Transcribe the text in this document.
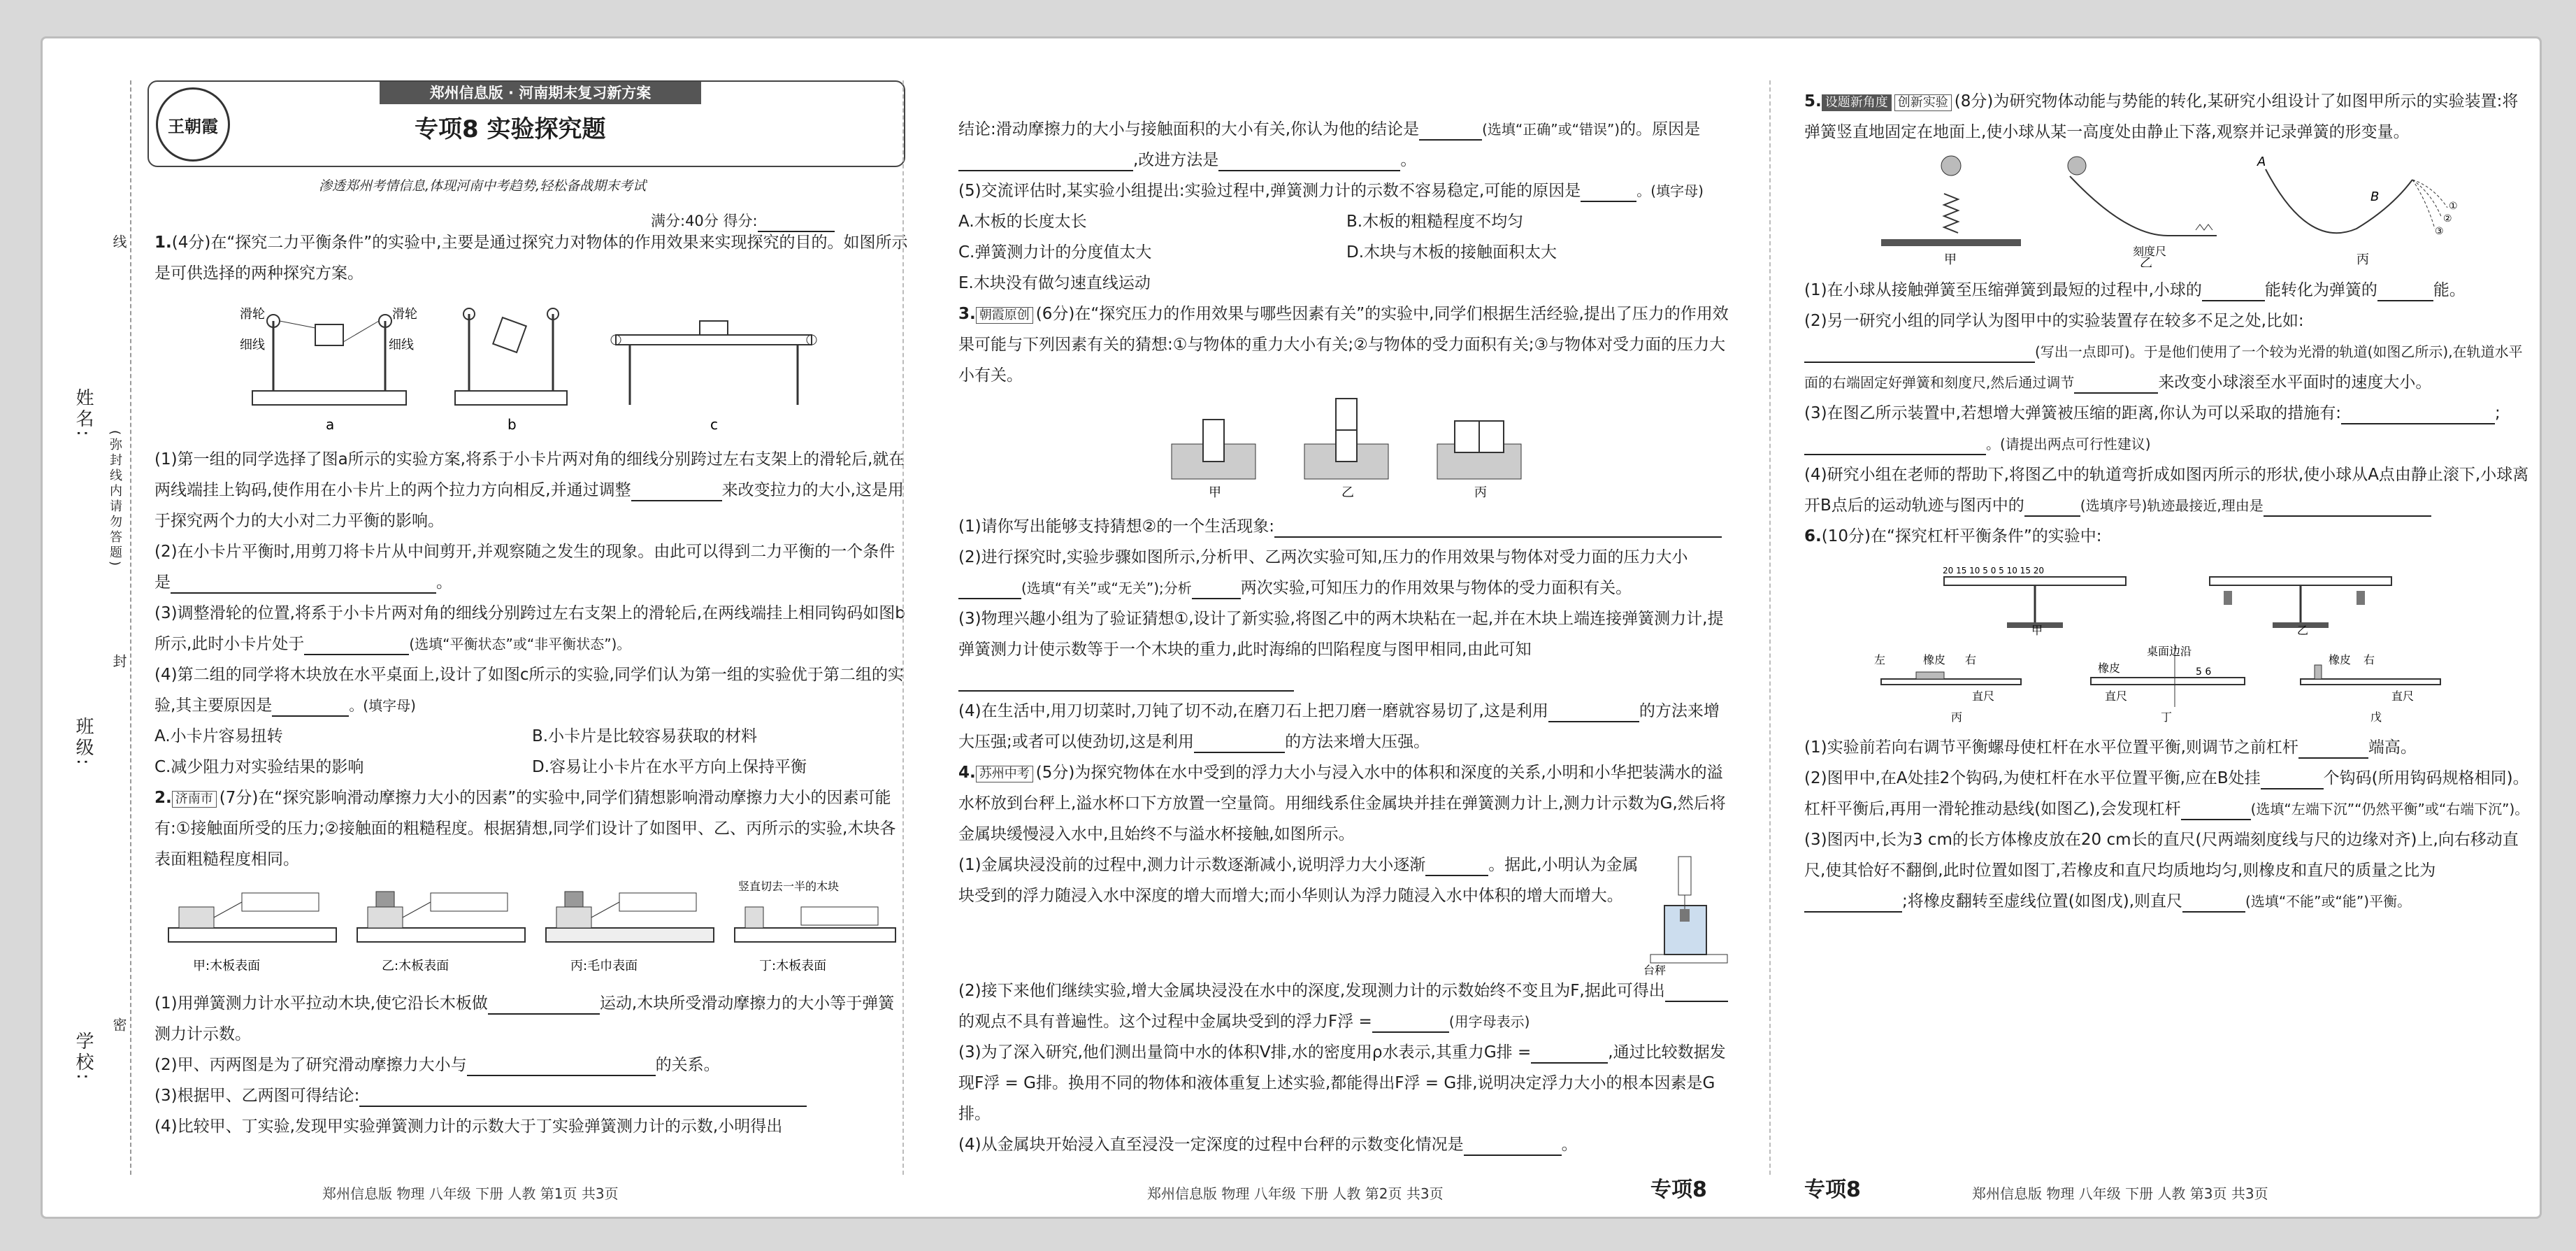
姓名:
班级:
学校:
(弥封线内请勿答题)
线
封
密
王朝霞
郑州信息版 · 河南期末复习新方案
专项8 实验探究题
渗透郑州考情信息,体现河南中考趋势,轻松备战期末考试
满分:40分 得分:

1.(4分)在“探究二力平衡条件”的实验中,主要是通过探究力对物体的作用效果来实现探究的目的。如图所示是可供选择的两种探究方案。

滑轮	滑轮
细线	细线
a	b	c

(1)第一组的同学选择了图a所示的实验方案,将系于小卡片两对角的细线分别跨过左右支架上的滑轮后,就在两线端挂上钩码,使作用在小卡片上的两个拉力方向相反,并通过调整	来改变拉力的大小,这是用于探究两个力的大小对二力平衡的影响。

(2)在小卡片平衡时,用剪刀将卡片从中间剪开,并观察随之发生的现象。由此可以得到二力平衡的一个条件是	。

(3)调整滑轮的位置,将系于小卡片两对角的细线分别跨过左右支架上的滑轮后,在两线端挂上相同钩码如图b所示,此时小卡片处于	(选填“平衡状态”或“非平衡状态”)。

(4)第二组的同学将木块放在水平桌面上,设计了如图c所示的实验,同学们认为第一组的实验优于第二组的实验,其主要原因是	。(填字母)

A.小卡片容易扭转	B.小卡片是比较容易获取的材料
C.减少阻力对实验结果的影响	D.容易让小卡片在水平方向上保持平衡

2. 济南市 (7分)在“探究影响滑动摩擦力大小的因素”的实验中,同学们猜想影响滑动摩擦力大小的因素可能有:①接触面所受的压力;②接触面的粗糙程度。根据猜想,同学们设计了如图甲、乙、丙所示的实验,木块各表面粗糙程度相同。

甲:木板表面	乙:木板表面	丙:毛巾表面
竖直切去一半的木块
丁:木板表面

(1)用弹簧测力计水平拉动木块,使它沿长木板做	运动,木块所受滑动摩擦力的大小等于弹簧测力计示数。

(2)甲、丙两图是为了研究滑动摩擦力大小与	的关系。

(3)根据甲、乙两图可得结论:

(4)比较甲、丁实验,发现甲实验弹簧测力计的示数大于丁实验弹簧测力计的示数,小明得出

郑州信息版 物理 八年级 下册 人教 第1页 共3页

结论:滑动摩擦力的大小与接触面积的大小有关,你认为他的结论是	(选填“正确”或“错误”)的。原因是,改进方法是	。

(5)交流评估时,某实验小组提出:实验过程中,弹簧测力计的示数不容易稳定,可能的原因是	。(填字母)

A.木板的长度太长	B.木板的粗糙程度不均匀
C.弹簧测力计的分度值太大	D.木块与木板的接触面积太大
E.木块没有做匀速直线运动

3. 朝霞原创 (6分)在“探究压力的作用效果与哪些因素有关”的实验中,同学们根据生活经验,提出了压力的作用效果可能与下列因素有关的猜想:①与物体的重力大小有关;②与物体的受力面积有关;③与物体对受力面的压力大小有关。

甲	乙	丙

(1)请你写出能够支持猜想②的一个生活现象:

(2)进行探究时,实验步骤如图所示,分析甲、乙两次实验可知,压力的作用效果与物体对受力面的压力大小(选填“有关”或“无关”);分析	两次实验,可知压力的作用效果与物体的受力面积有关。

(3)物理兴趣小组为了验证猜想①,设计了新实验,将图乙中的两木块粘在一起,并在木块上端连接弹簧测力计,提弹簧测力计使示数等于一个木块的重力,此时海绵的凹陷程度与图甲相同,由此可知

(4)在生活中,用刀切菜时,刀钝了切不动,在磨刀石上把刀磨一磨就容易切了,这是利用	的方法来增大压强;或者可以使劲切,这是利用	的方法来增大压强。

4. 苏州中考 (5分)为探究物体在水中受到的浮力大小与浸入水中的体积和深度的关系,小明和小华把装满水的溢水杯放到台秤上,溢水杯口下方放置一空量筒。用细线系住金属块并挂在弹簧测力计上,测力计示数为G,然后将金属块缓慢浸入水中,且始终不与溢水杯接触,如图所示。

(1)金属块浸没前的过程中,测力计示数逐渐减小,说明浮力大小逐渐	。据此,小明认为金属块受到的浮力随浸入水中深度的增大而增大;而小华则认为浮力随浸入水中体积的增大而增大。

台秤

(2)接下来他们继续实验,增大金属块浸没在水中的深度,发现测力计的示数始终不变且为F,据此可得出的观点不具有普遍性。这个过程中金属块受到的浮力F浮 =	(用字母表示)

(3)为了深入研究,他们测出量筒中水的体积V排,水的密度用ρ水表示,其重力G排 =	,通过比较数据发现F浮 = G排。换用不同的物体和液体重复上述实验,都能得出F浮 = G排,说明决定浮力大小的根本因素是G排。

(4)从金属块开始浸入直至浸没一定深度的过程中台秤的示数变化情况是	。

郑州信息版 物理 八年级 下册 人教 第2页 共3页	专项8	专项8

5. 设题新角度 创新实验 (8分)为研究物体动能与势能的转化,某研究小组设计了如图甲所示的实验装置:将弹簧竖直地固定在地面上,使小球从某一高度处由静止下落,观察并记录弹簧的形变量。

甲
刻度尺
乙
A
B
①
②
③
丙

(1)在小球从接触弹簧至压缩弹簧到最短的过程中,小球的	能转化为弹簧的	能。

(2)另一研究小组的同学认为图甲中的实验装置存在较多不足之处,比如:(写出一点即可)。于是他们使用了一个较为光滑的轨道(如图乙所示),在轨道水平面的右端固定好弹簧和刻度尺,然后通过调节	来改变小球滚至水平面时的速度大小。

(3)在图乙所示装置中,若想增大弹簧被压缩的距离,你认为可以采取的措施有:	;。(请提出两点可行性建议)

(4)研究小组在老师的帮助下,将图乙中的轨道弯折成如图丙所示的形状,使小球从A点由静止滚下,小球离开B点后的运动轨迹与图丙中的	(选填序号)轨迹最接近,理由是

6.(10分)在“探究杠杆平衡条件”的实验中:

20 15 10 5 0 5 10 15 20
甲	乙
左	橡皮 右
直尺
丙
桌面边沿
橡皮	5 6
直尺
丁
橡皮 右
直尺
戊

(1)实验前若向右调节平衡螺母使杠杆在水平位置平衡,则调节之前杠杆	端高。

(2)图甲中,在A处挂2个钩码,为使杠杆在水平位置平衡,应在B处挂	个钩码(所用钩码规格相同)。杠杆平衡后,再用一滑轮推动悬线(如图乙),会发现杠杆	(选填“左端下沉”“仍然平衡”或“右端下沉”)。

(3)图丙中,长为3 cm的长方体橡皮放在20 cm长的直尺(尺两端刻度线与尺的边缘对齐)上,向右移动直尺,使其恰好不翻倒,此时位置如图丁,若橡皮和直尺均质地均匀,则橡皮和直尺的质量之比为;将橡皮翻转至虚线位置(如图戊),则直尺	(选填“不能”或“能”)平衡。

郑州信息版 物理 八年级 下册 人教 第3页 共3页
